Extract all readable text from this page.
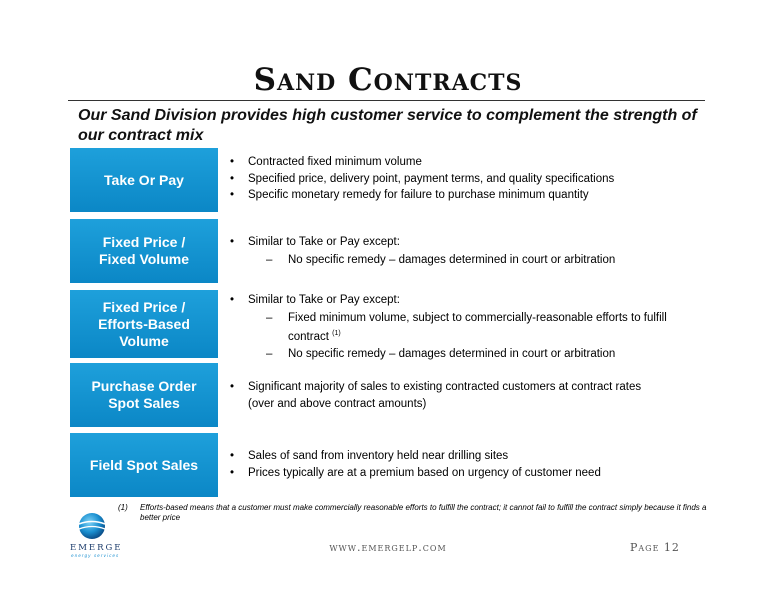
Sand Contracts
Our Sand Division provides high customer service to complement the strength of our contract mix
Take Or Pay
• Contracted fixed minimum volume
• Specified price, delivery point, payment terms, and quality specifications
• Specific monetary remedy for failure to purchase minimum quantity
Fixed Price /
Fixed Volume
• Similar to Take or Pay except:
– No specific remedy – damages determined in court or arbitration
Fixed Price /
Efforts-Based
Volume
• Similar to Take or Pay except:
– Fixed minimum volume, subject to commercially-reasonable efforts to fulfill contract $^{(1)}$
– No specific remedy – damages determined in court or arbitration
Purchase Order
Spot Sales
• Significant majority of sales to existing contracted customers at contract rates
(over and above contract amounts)
Field Spot Sales
• Sales of sand from inventory held near drilling sites
• Prices typically are at a premium based on urgency of customer need
(1)	Efforts-based means that a customer must make commercially reasonable efforts to fulfill the contract; it cannot fail to fulfill the contract simply because it finds a better price
EMERGE
energy services
www.emergelp.com	Page 12
